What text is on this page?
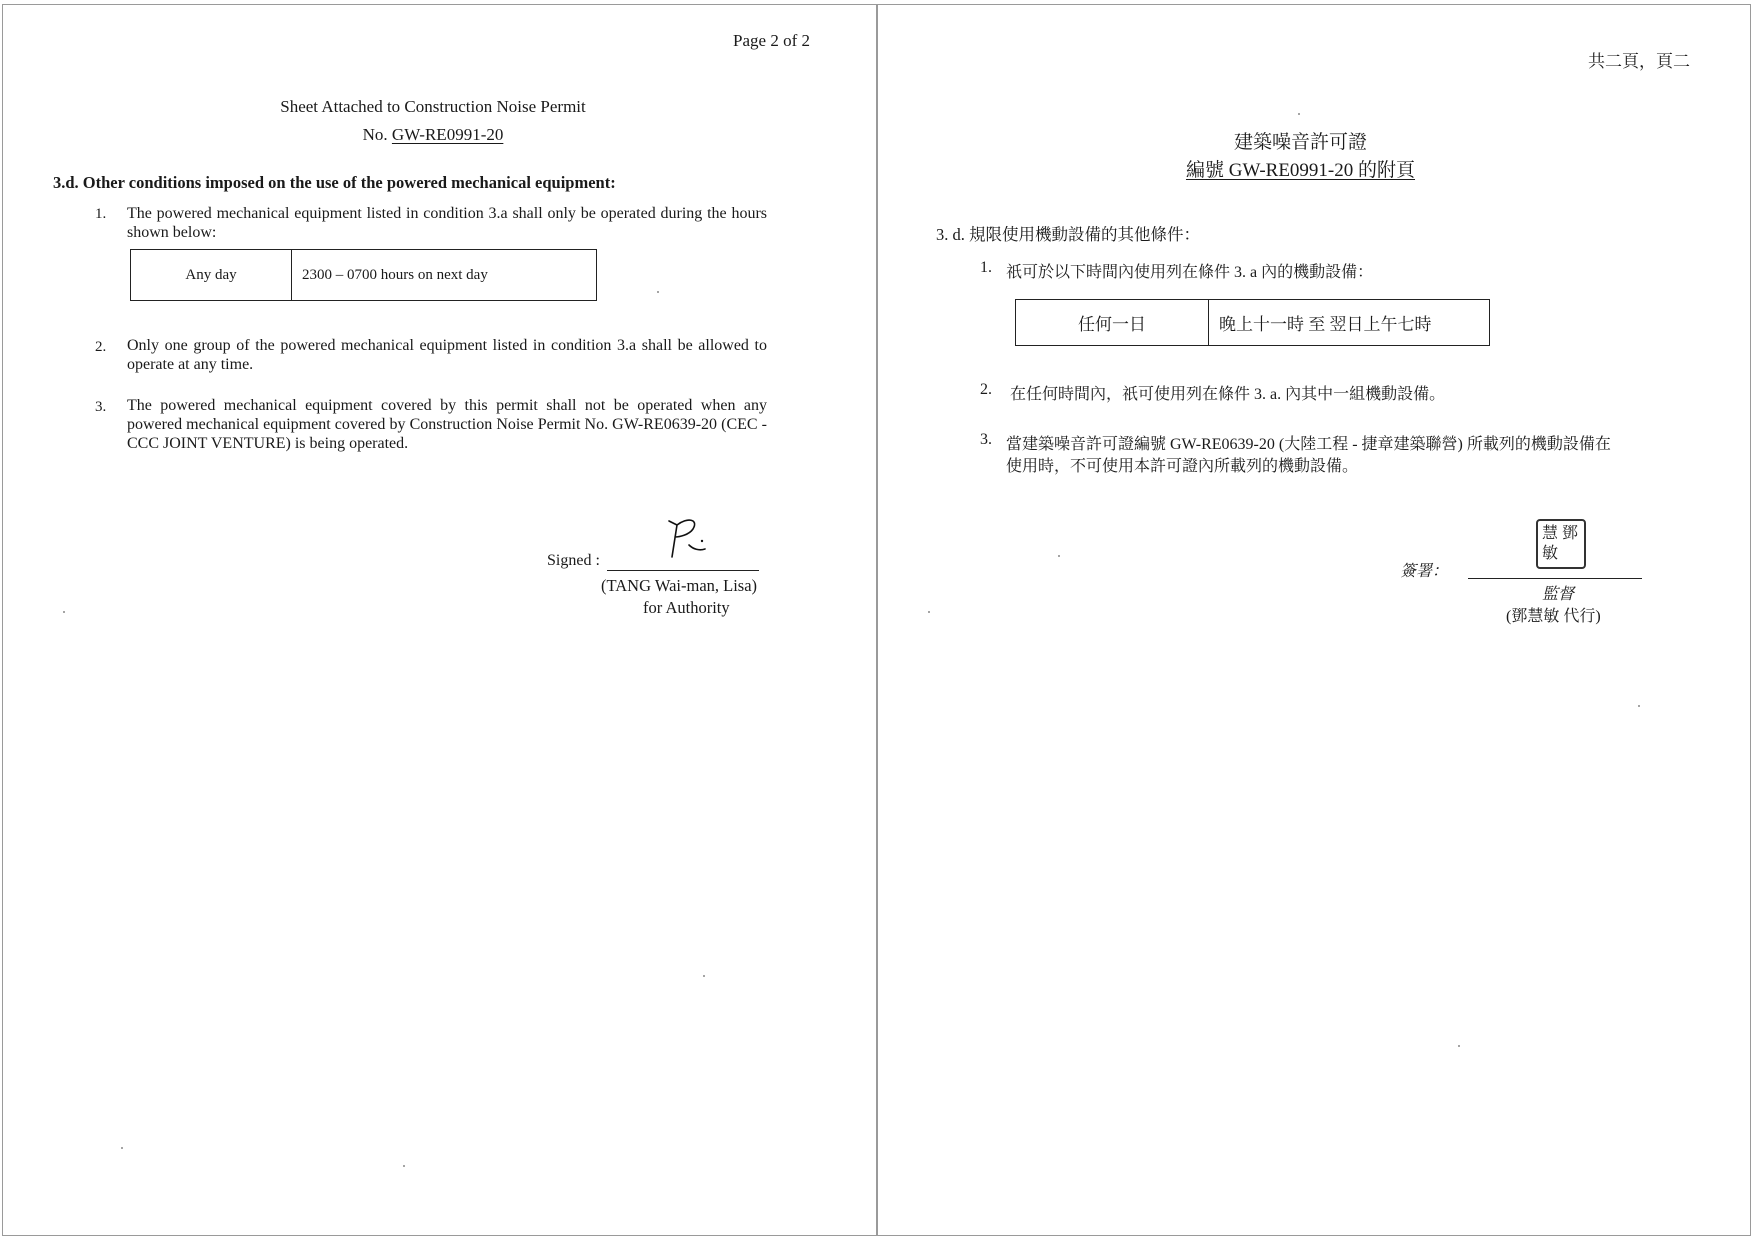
Page 2 of 2
Sheet Attached to Construction Noise Permit
No. GW-RE0991-20
3.d. Other conditions imposed on the use of the powered mechanical equipment:
1. The powered mechanical equipment listed in condition 3.a shall only be operated during the hours shown below:
Any day	2300 – 0700 hours on next day
2. Only one group of the powered mechanical equipment listed in condition 3.a shall be allowed to operate at any time.
3. The powered mechanical equipment covered by this permit shall not be operated when any powered mechanical equipment covered by Construction Noise Permit No. GW-RE0639-20 (CEC - CCC JOINT VENTURE) is being operated.
Signed :
(TANG Wai-man, Lisa)
for Authority
共二頁，頁二
建築噪音許可證
編號 GW-RE0991-20 的附頁
3. d. 規限使用機動設備的其他條件：
1. 祇可於以下時間內使用列在條件 3. a 內的機動設備：
任何一日	晚上十一時 至 翌日上午七時
2. 在任何時間內，祇可使用列在條件 3. a. 內其中一組機動設備。
3. 當建築噪音許可證編號 GW-RE0639-20 (大陸工程 - 捷章建築聯營) 所載列的機動設備在
使用時，不可使用本許可證內所載列的機動設備。
鄧
慧
敏
簽署：
監督
(鄧慧敏 代行)
